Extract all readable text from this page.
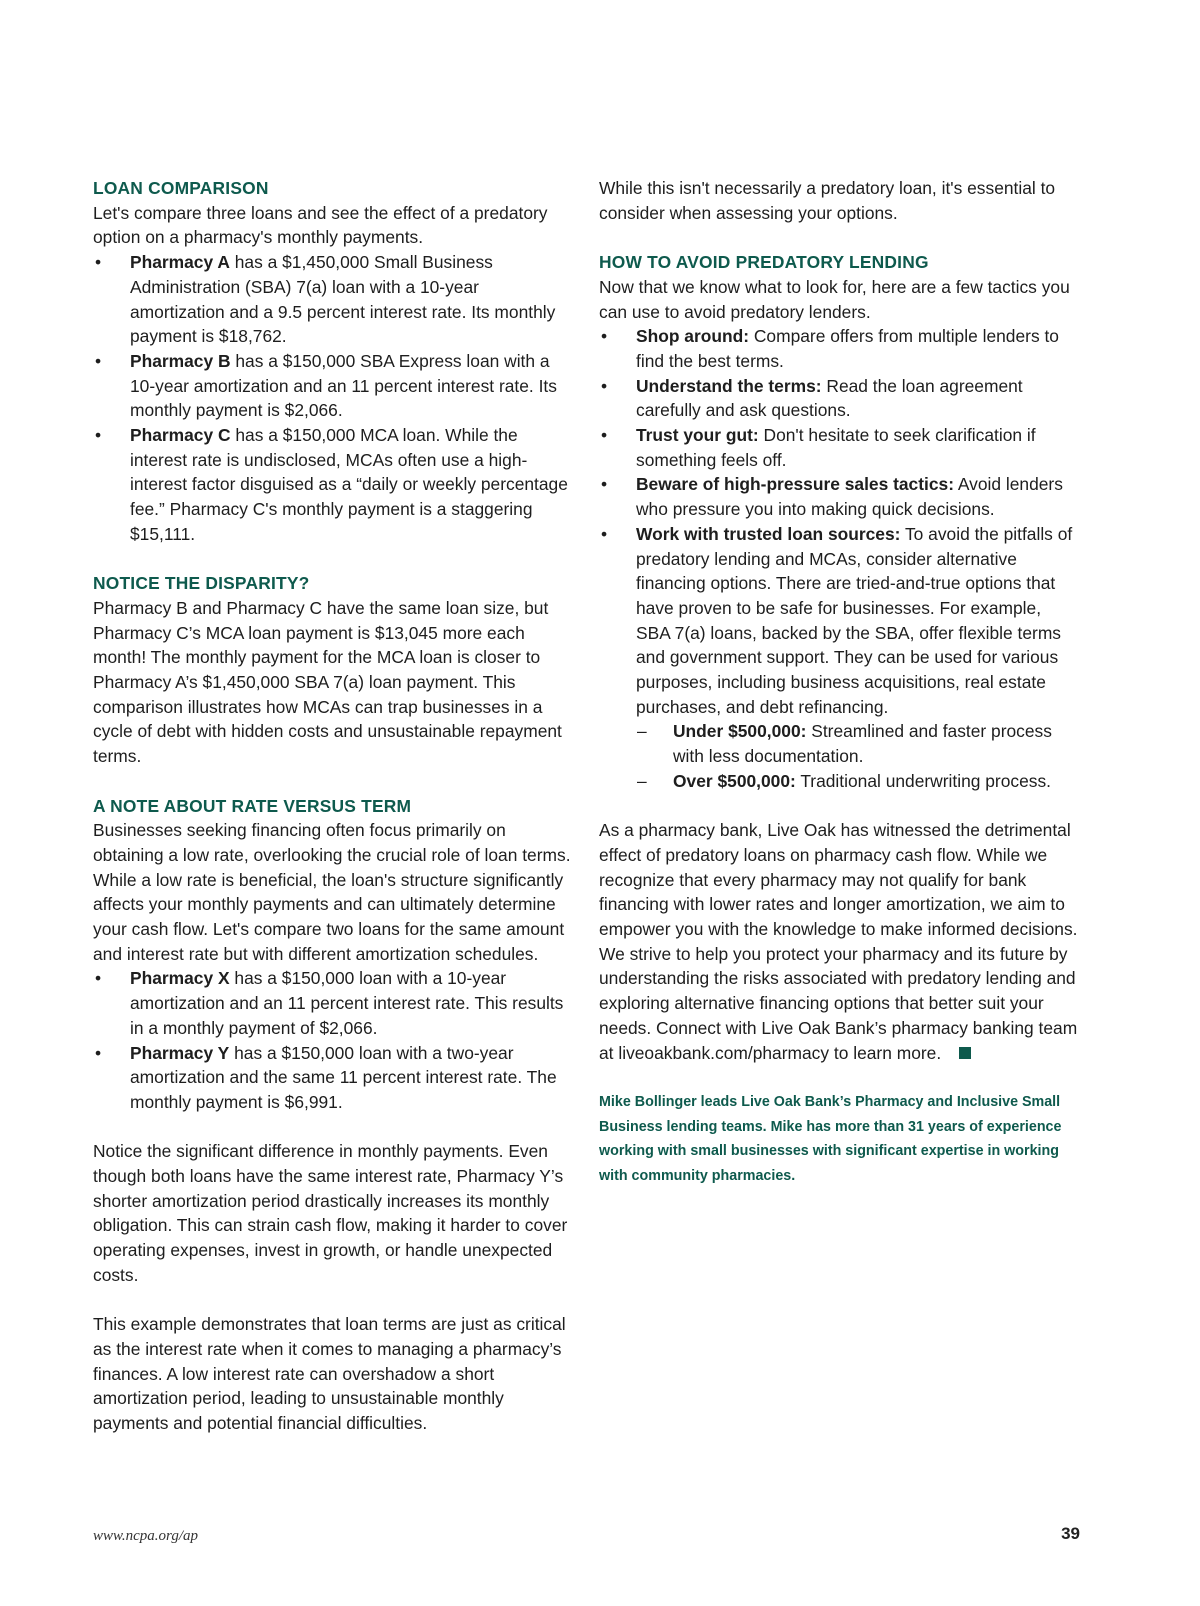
LOAN COMPARISON

Let's compare three loans and see the effect of a predatory option on a pharmacy's monthly payments.

• Pharmacy A has a $1,450,000 Small Business Administration (SBA) 7(a) loan with a 10-year amortization and a 9.5 percent interest rate. Its monthly payment is $18,762.
• Pharmacy B has a $150,000 SBA Express loan with a 10-year amortization and an 11 percent interest rate. Its monthly payment is $2,066.
• Pharmacy C has a $150,000 MCA loan. While the interest rate is undisclosed, MCAs often use a high-interest factor disguised as a “daily or weekly percentage fee.” Pharmacy C's monthly payment is a staggering $15,111.
NOTICE THE DISPARITY?

Pharmacy B and Pharmacy C have the same loan size, but Pharmacy C’s MCA loan payment is $13,045 more each month! The monthly payment for the MCA loan is closer to Pharmacy A’s $1,450,000 SBA 7(a) loan payment. This comparison illustrates how MCAs can trap businesses in a cycle of debt with hidden costs and unsustainable repayment terms.

A NOTE ABOUT RATE VERSUS TERM

Businesses seeking financing often focus primarily on obtaining a low rate, overlooking the crucial role of loan terms. While a low rate is beneficial, the loan's structure significantly affects your monthly payments and can ultimately determine your cash flow. Let's compare two loans for the same amount and interest rate but with different amortization schedules.

• Pharmacy X has a $150,000 loan with a 10-year amortization and an 11 percent interest rate. This results in a monthly payment of $2,066.
• Pharmacy Y has a $150,000 loan with a two-year amortization and the same 11 percent interest rate. The monthly payment is $6,991.

Notice the significant difference in monthly payments. Even though both loans have the same interest rate, Pharmacy Y’s shorter amortization period drastically increases its monthly obligation. This can strain cash flow, making it harder to cover operating expenses, invest in growth, or handle unexpected costs.

This example demonstrates that loan terms are just as critical as the interest rate when it comes to managing a pharmacy’s finances. A low interest rate can overshadow a short amortization period, leading to unsustainable monthly payments and potential financial difficulties.

While this isn't necessarily a predatory loan, it's essential to consider when assessing your options.

HOW TO AVOID PREDATORY LENDING

Now that we know what to look for, here are a few tactics you can use to avoid predatory lenders.

• Shop around: Compare offers from multiple lenders to find the best terms.
• Understand the terms: Read the loan agreement carefully and ask questions.
• Trust your gut: Don't hesitate to seek clarification if something feels off.
• Beware of high-pressure sales tactics: Avoid lenders who pressure you into making quick decisions.
• Work with trusted loan sources: To avoid the pitfalls of predatory lending and MCAs, consider alternative financing options. There are tried-and-true options that have proven to be safe for businesses. For example, SBA 7(a) loans, backed by the SBA, offer flexible terms and government support. They can be used for various purposes, including business acquisitions, real estate purchases, and debt refinancing.
– Under $500,000: Streamlined and faster process with less documentation.
– Over $500,000: Traditional underwriting process.

As a pharmacy bank, Live Oak has witnessed the detrimental effect of predatory loans on pharmacy cash flow. While we recognize that every pharmacy may not qualify for bank financing with lower rates and longer amortization, we aim to empower you with the knowledge to make informed decisions. We strive to help you protect your pharmacy and its future by understanding the risks associated with predatory lending and exploring alternative financing options that better suit your needs. Connect with Live Oak Bank’s pharmacy banking team at liveoakbank.com/pharmacy to learn more.

Mike Bollinger leads Live Oak Bank’s Pharmacy and Inclusive Small Business lending teams. Mike has more than 31 years of experience working with small businesses with significant expertise in working with community pharmacies.

www.ncpa.org/ap	39
